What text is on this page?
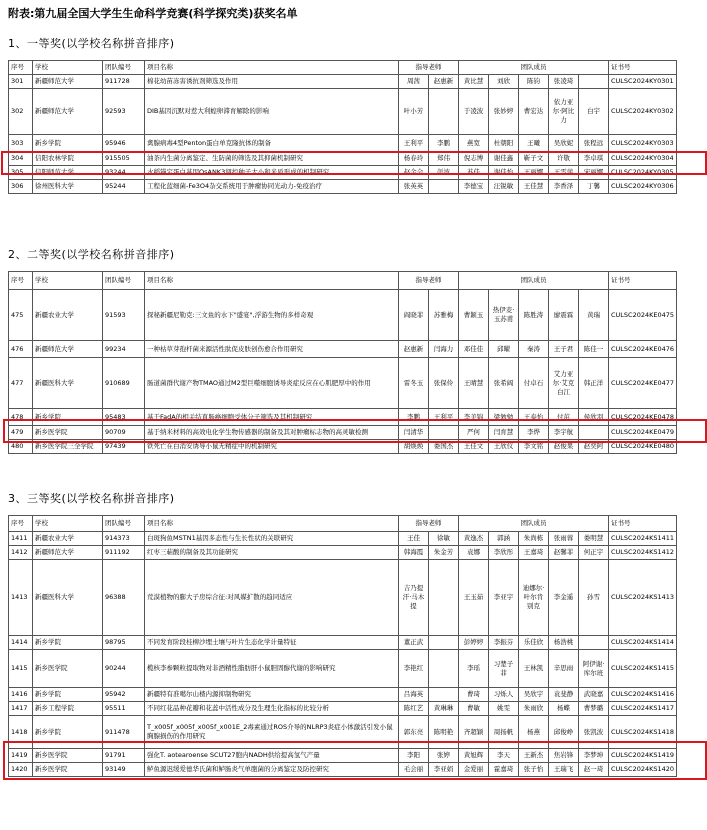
附表:第九届全国大学生生命科学竞赛(科学探究类)获奖名单
1、一等奖(以学校名称拼音排序)
序号	学校	团队编号	项目名称	指导老师		团队成员					证书号
301	新疆师范大学	911728	棉花幼苗冻害诱抗剂筛选及作用	周茜	赵惠新	黄比慧	刘欣	陈钧	张凌琦		CULSC2024KY0301
302	新疆师范大学	92593	DIB基因沉默对惹大利蝗卵滞育解除的影响	叶小芳		于凌波	张妙婷	曹宏达	依力亚尔·阿比力	白宇	CULSC2024KY0302
303	新乡学院	95946	禽腺病毒4型Penton蛋白单克隆抗体的制备	王利平	李鹏	燕宽	杜朝阳	王曦	吴欣妮	张程远	CULSC2024KY0303
304	信阳农林学院	915505	油茶内生菌分离鉴定、生防菌的筛选及其抑菌机制研究	杨春玲	郑伟	倪志博	谢佳鑫	靳子文	许敬	李卓琪	CULSC2024KY0304
305	信阳师范大学	93244	水稻锚定蛋白基因OsANK3调控种子大小和米质形成的机制研究	赵金会	彭波	苏佳	谢佳怡	王丽娜	王雪萍	宋丽娜	CULSC2024KY0305
306	徐州医科大学	95244	工程化蓝细菌-Fe3O4杂交系统用于肿瘤协同光动力-免疫治疗	张英英		李德宝	汪锐敏	王佳慧	李香泽	丁馨	CULSC2024KY0306
2、二等奖(以学校名称拼音排序)
序号	学校	团队编号	项目名称	指导老师		团队成员					证书号
475	新疆农业大学	91593	探秘新疆尼勒克:三文鱼的水下"盛宴",浮游生物的多样奇观	阎晓菲	苏雅梅	曹颖玉	热伊麦·玉苏甫	陈胜涛	廖震霖	黄瑞	CULSC2024KE0475
476	新疆师范大学	99234	一种枯草芽孢杆菌来源活性肽促皮肤创伤愈合作用研究	赵惠新	闫海力	邓佳佳	邱曜	秦涛	王子君	陈佳一	CULSC2024KE0476
477	新疆医科大学	910689	肠道菌群代谢产物TMAO通过M2型巨噬细胞诱导炎症反应在心肌肥厚中的作用	雷冬玉	张保伶	王晴慧	张希阔	付卓石	艾力亚尔·艾克白江	韩正洋	CULSC2024KE0477
478	新乡学院	95483	基于FadA的相关结直肠癌细胞受体分子筛选及其机制研究	李鹏	王利平	李美锦	梁勉勉	王泰怡	付茁	侯欣羽	CULSC2024KE0478
479	新乡医学院	90709	基于纳米材料的高效电化学生物传感器的制备及其对肿瘤标志物的高灵敏检测	闫清华		严何	闫育慧	李烨	李宇航		CULSC2024KE0479
480	新乡医学院三全学院	97439	铁死亡在白消安诱导小鼠无精症中的机制研究	胡焕焕	娄国杰	王佳文	王欣仪	李文铭	赵俊果	赵奕阿	CULSC2024KE0480
3、三等奖(以学校名称拼音排序)
序号	学校	团队编号	项目名称	指导老师		团队成员					证书号
1411	新疆农业大学	914373	白斑狗鱼MSTN1基因多态性与生长性状的关联研究	王佳	徐敏	黄逸杰	郭涵	朱尚栋	张雨蓉	娄明慧	CULSC2024KS1411
1412	新疆师范大学	911192	红枣三萜酸的制备及其功能研究	韩海霞	朱金芳	袁娜	李欣彤	王嘉琦	赵馨菲	何正宇	CULSC2024KS1412
1413	新疆医科大学	96388	荒漠植物的膨大子房综合征:对风媒扩散的趋同适应	吉乃提汗·马木提		王玉茹	李亚宇	迪娜尔·叶尔肯别克	李金遥	孙雪	CULSC2024KS1413
1414	新乡学院	98795	不同发育阶段桂柳沙埋土壤与叶片生态化学计量特征	董正武		彭婷婷	李振芬	乐佳欣	杨浩桃		CULSC2024KS1414
1415	新乡医学院	90244	榄核李参颗粒提取物对非酒精性脂肪肝小鼠胆固醇代谢的影响研究	李艳红		李瑶	习楚子菲	王林凯	辛思雨	阿伊谢·库尔班	CULSC2024KS1415
1416	新乡学院	95942	新疆特有准噶尔山楂内源抑制物研究	吕海英		曹琦	习烁人	吴欣宇	袁斐静	武晓嘉	CULSC2024KS1416
1417	新乡工程学院	95511	不同红花品种花瓣和花蕊中活性成分及生理生化指标的比较分析	陈红艺	黄琳琳	曹敏	姚雯	朱雨欣	杨蝶	曹梦璐	CULSC2024KS1417
1418	新乡学院	911478	T_x005f_x005f_x005f_x001E_2毒素通过ROS介导的NLRP3炎症小体激活引发小鼠胸腺损伤的作用研究	郭东亮	陈明艳	齐超颖	周扬帆	杨燕	邱俊峥	张凯波	CULSC2024KS1418
1419	新乡医学院	91791	强化T. aotearoense SCUT27胞内NADH供给提高氢气产量	李阳	张婷	黄旭辉	李天	王新杰	焦岩锋	李梦坤	CULSC2024KS1419
1420	新乡医学院	93149	鲈鱼源迟缓爱德华氏菌和鲈肠炎气单胞菌的分离鉴定及防控研究	毛会丽	李亚娟	金爱丽	霍嘉琦	张子怡	王瑞飞	赵一琦	CULSC2024KS1420
